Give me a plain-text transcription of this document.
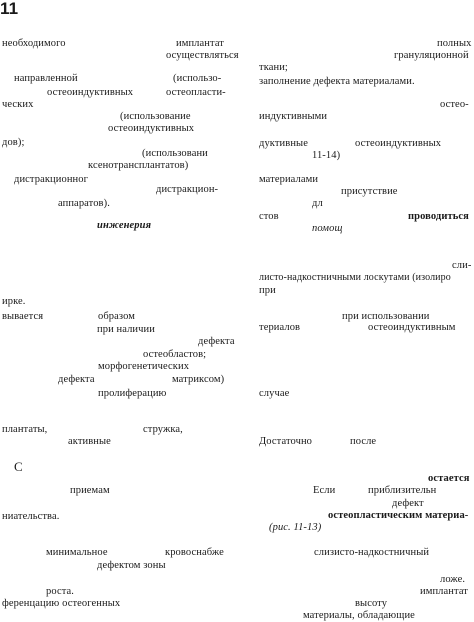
11
необходимого	имплантат
осуществляться
направленной	(использо-
остеоиндуктивных	остеопласти-
ческих
(использование
остеоиндуктивных
дов);
(использовани
ксенотрансплантатов)
дистракционног
дистракцион-
аппаратов).
инженерия
ирке.
вывается	образом
при наличии
дефекта
остеобластов;
морфогенетических
дефекта	матриксом)
пролиферацию
плантаты,	стружка,
активные
С
приемам
ниательства.
минимальное	кровоснабже
дефектом зоны
роста.
ференцацию остеогенных
полных
грануляционной
ткани;
заполнение дефекта материалами.
остео-
индуктивными
дуктивные	остеоиндуктивных
11-14)
материалами
присутствие
дл
стов	проводиться
помощ
сли-
листо-надкостничными лоскутами (изолиро
при
при использовании
териалов	остеоиндуктивным
случае
Достаточно	после
остается
Если	приблизительн
дефект
остеопластическим материа-
(рис. 11-13)
слизисто-надкостничный
ложе.
имплантат
высоту
материалы, обладающие
